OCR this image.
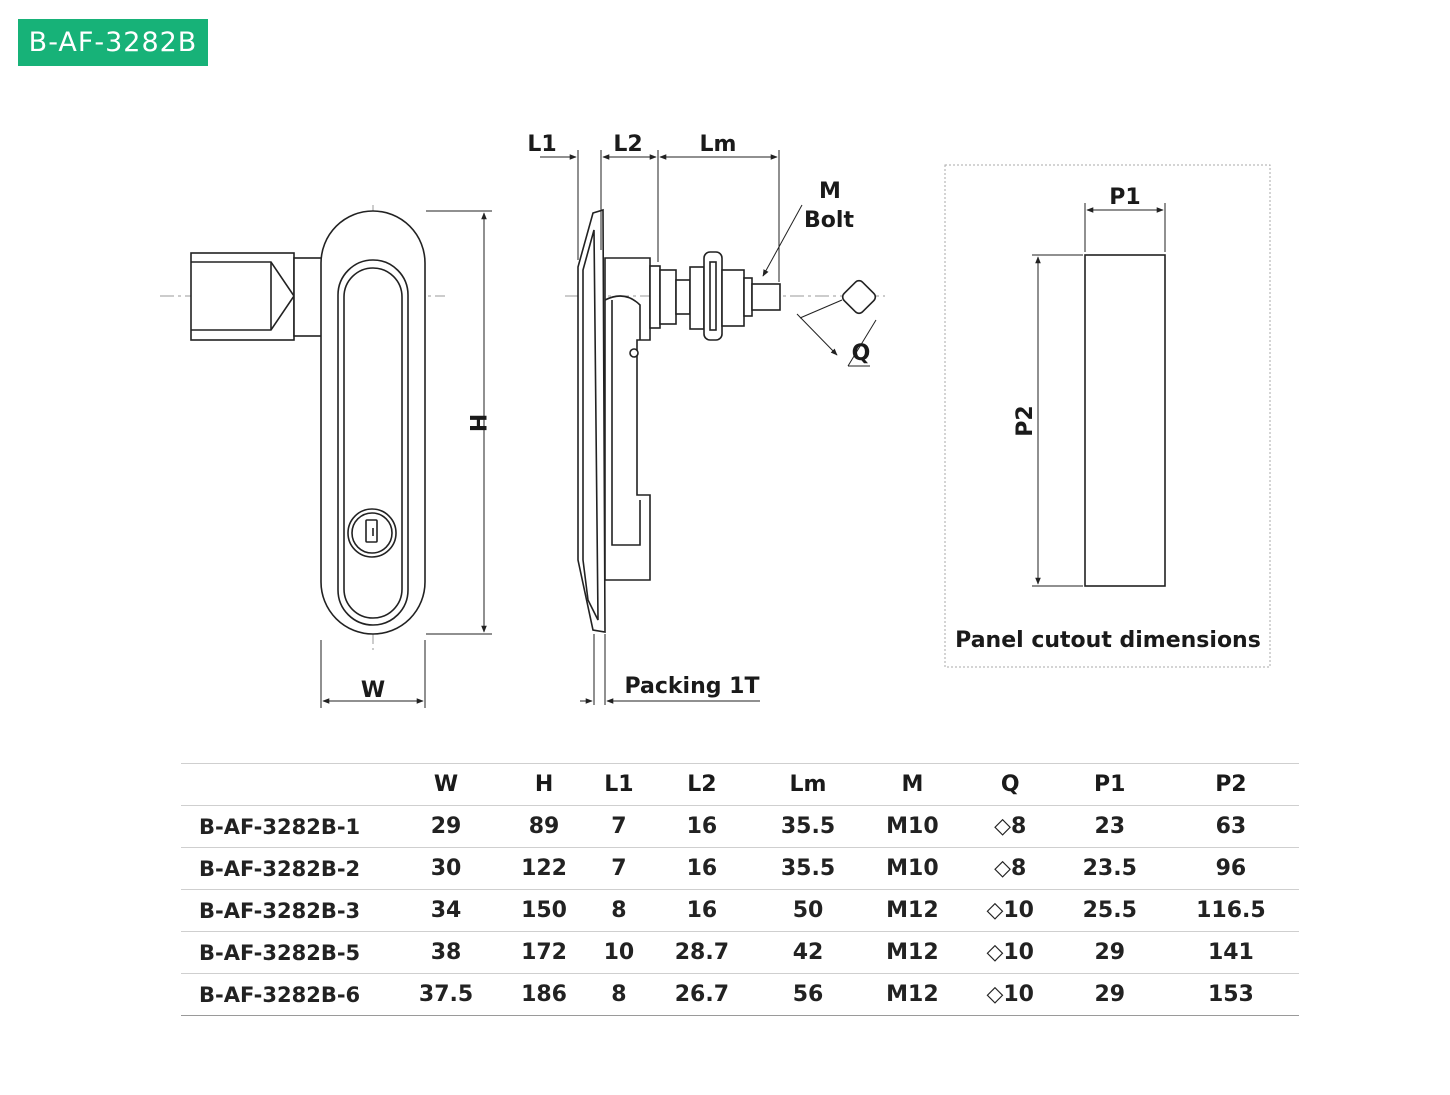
B-AF-3282B
W
H
L1	L2	Lm
M
Bolt
Q
Packing 1T
P1
P2
Panel cutout dimensions
	W	H	L1	L2	Lm	M	Q	P1	P2
B-AF-3282B-1	29	89	7	16	35.5	M10	◇8	23	63
B-AF-3282B-2	30	122	7	16	35.5	M10	◇8	23.5	96
B-AF-3282B-3	34	150	8	16	50	M12	◇10	25.5	116.5
B-AF-3282B-5	38	172	10	28.7	42	M12	◇10	29	141
B-AF-3282B-6	37.5	186	8	26.7	56	M12	◇10	29	153
